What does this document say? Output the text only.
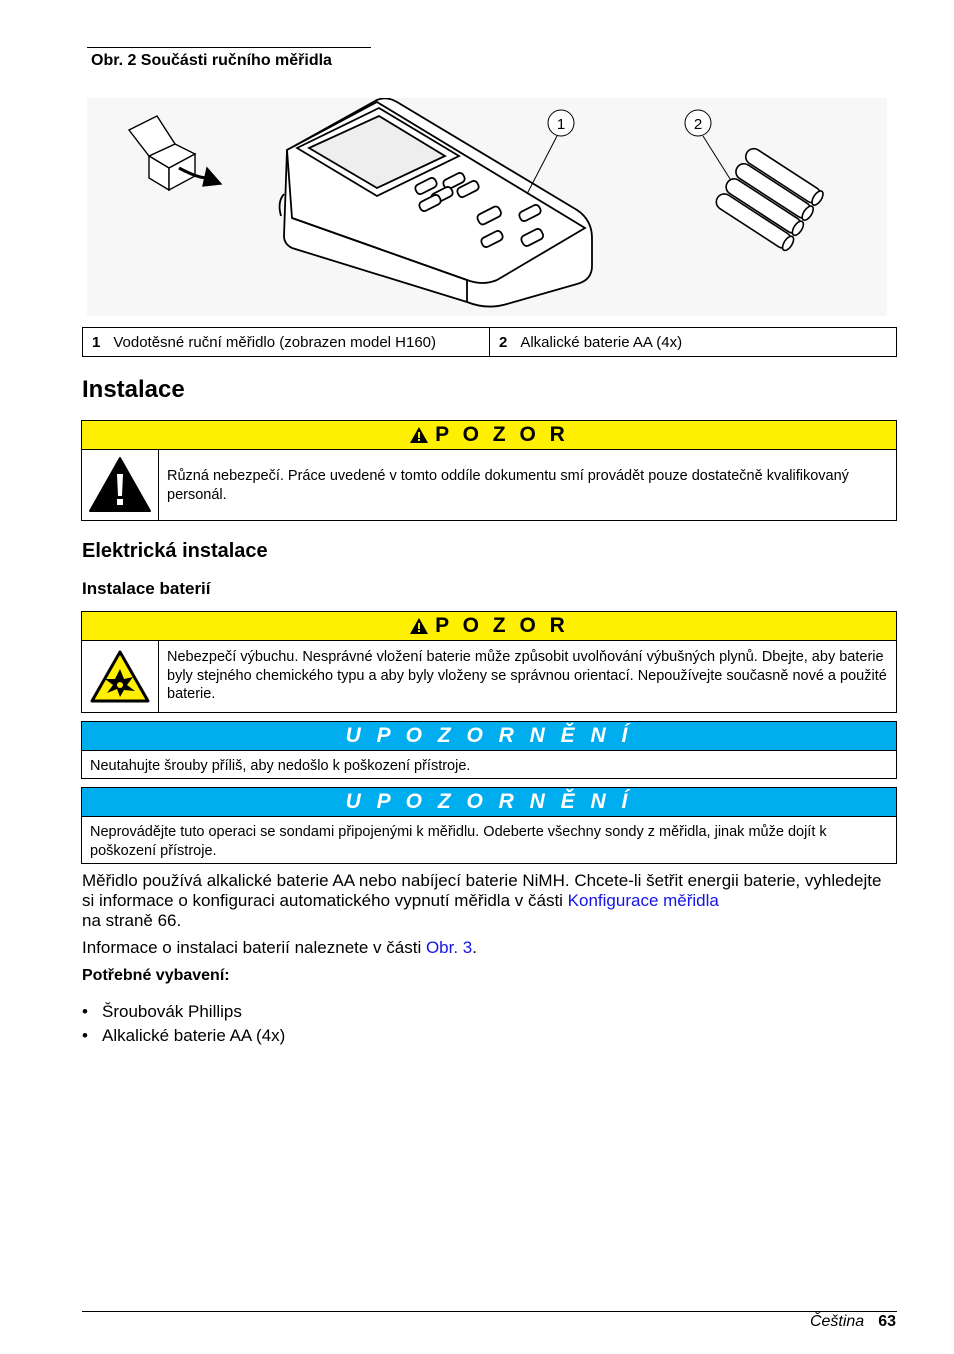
Obr. 2 Součásti ručního měřidla
1	2
1 Vodotěsné ruční měřidlo (zobrazen model H160)	2 Alkalické baterie AA (4x)
Instalace
P O Z O R
Různá nebezpečí. Práce uvedené v tomto oddíle dokumentu smí provádět pouze dostatečně kvalifikovaný personál.
Elektrická instalace
Instalace baterií
P O Z O R
Nebezpečí výbuchu. Nesprávné vložení baterie může způsobit uvolňování výbušných plynů. Dbejte, aby baterie byly stejného chemického typu a aby byly vloženy se správnou orientací. Nepoužívejte současně nové a použité baterie.
U P O Z O R N Ě N Í
Neutahujte šrouby příliš, aby nedošlo k poškození přístroje.
U P O Z O R N Ě N Í
Neprovádějte tuto operaci se sondami připojenými k měřidlu. Odeberte všechny sondy z měřidla, jinak může dojít k poškození přístroje.
Měřidlo používá alkalické baterie AA nebo nabíjecí baterie NiMH. Chcete-li šetřit energii baterie, vyhledejte si informace o konfiguraci automatického vypnutí měřidla v části Konfigurace měřidla
na straně 66.
Informace o instalaci baterií naleznete v části Obr. 3.
Potřebné vybavení:
• Šroubovák Phillips
• Alkalické baterie AA (4x)
Čeština 63
